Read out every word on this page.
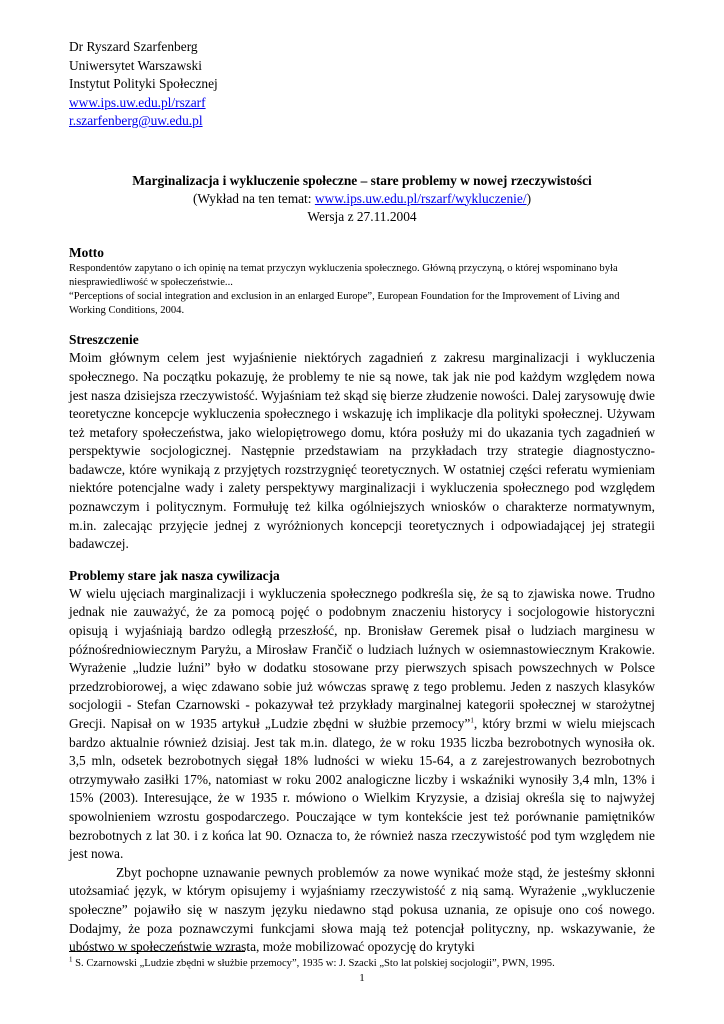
Dr Ryszard Szarfenberg
Uniwersytet Warszawski
Instytut Polityki Społecznej
www.ips.uw.edu.pl/rszarf
r.szarfenberg@uw.edu.pl
Marginalizacja i wykluczenie społeczne – stare problemy w nowej rzeczywistości
(Wykład na ten temat: www.ips.uw.edu.pl/rszarf/wykluczenie/)
Wersja z 27.11.2004
Motto

Respondentów zapytano o ich opinię na temat przyczyn wykluczenia społecznego. Główną przyczyną, o której wspominano była niesprawiedliwość w społeczeństwie...

“Perceptions of social integration and exclusion in an enlarged Europe”, European Foundation for the Improvement of Living and Working Conditions, 2004.

Streszczenie

Moim głównym celem jest wyjaśnienie niektórych zagadnień z zakresu marginalizacji i wykluczenia społecznego. Na początku pokazuję, że problemy te nie są nowe, tak jak nie pod każdym względem nowa jest nasza dzisiejsza rzeczywistość. Wyjaśniam też skąd się bierze złudzenie nowości. Dalej zarysowuję dwie teoretyczne koncepcje wykluczenia społecznego i wskazuję ich implikacje dla polityki społecznej. Używam też metafory społeczeństwa, jako wielopiętrowego domu, która posłuży mi do ukazania tych zagadnień w perspektywie socjologicznej. Następnie przedstawiam na przykładach trzy strategie diagnostyczno-badawcze, które wynikają z przyjętych rozstrzygnięć teoretycznych. W ostatniej części referatu wymieniam niektóre potencjalne wady i zalety perspektywy marginalizacji i wykluczenia społecznego pod względem poznawczym i politycznym. Formułuję też kilka ogólniejszych wniosków o charakterze normatywnym, m.in. zalecając przyjęcie jednej z wyróżnionych koncepcji teoretycznych i odpowiadającej jej strategii badawczej.

Problemy stare jak nasza cywilizacja

W wielu ujęciach marginalizacji i wykluczenia społecznego podkreśla się, że są to zjawiska nowe. Trudno jednak nie zauważyć, że za pomocą pojęć o podobnym znaczeniu historycy i socjologowie historyczni opisują i wyjaśniają bardzo odległą przeszłość, np. Bronisław Geremek pisał o ludziach marginesu w późnośredniowiecznym Paryżu, a Mirosław Frančič o ludziach luźnych w osiemnastowiecznym Krakowie. Wyrażenie „ludzie luźni” było w dodatku stosowane przy pierwszych spisach powszechnych w Polsce przedzrobiorowej, a więc zdawano sobie już wówczas sprawę z tego problemu. Jeden z naszych klasyków socjologii - Stefan Czarnowski - pokazywał też przykłady marginalnej kategorii społecznej w starożytnej Grecji. Napisał on w 1935 artykuł „Ludzie zbędni w służbie przemocy”$^1$, który brzmi w wielu miejscach bardzo aktualnie również dzisiaj. Jest tak m.in. dlatego, że w roku 1935 liczba bezrobotnych wynosiła ok. 3,5 mln, odsetek bezrobotnych sięgał 18% ludności w wieku 15-64, a z zarejestrowanych bezrobotnych otrzymywało zasiłki 17%, natomiast w roku 2002 analogiczne liczby i wskaźniki wynosiły 3,4 mln, 13% i 15% (2003). Interesujące, że w 1935 r. mówiono o Wielkim Kryzysie, a dzisiaj określa się to najwyżej spowolnieniem wzrostu gospodarczego. Pouczające w tym kontekście jest też porównanie pamiętników bezrobotnych z lat 30. i z końca lat 90. Oznacza to, że również nasza rzeczywistość pod tym względem nie jest nowa.

Zbyt pochopne uznawanie pewnych problemów za nowe wynikać może stąd, że jesteśmy skłonni utożsamiać język, w którym opisujemy i wyjaśniamy rzeczywistość z nią samą. Wyrażenie „wykluczenie społeczne” pojawiło się w naszym języku niedawno stąd pokusa uznania, ze opisuje ono coś nowego. Dodajmy, że poza poznawczymi funkcjami słowa mają też potencjał polityczny, np. wskazywanie, że ubóstwo w społeczeństwie wzrasta, może mobilizować opozycję do krytyki

$^1$ S. Czarnowski „Ludzie zbędni w służbie przemocy”, 1935 w: J. Szacki „Sto lat polskiej socjologii”, PWN, 1995.
1
